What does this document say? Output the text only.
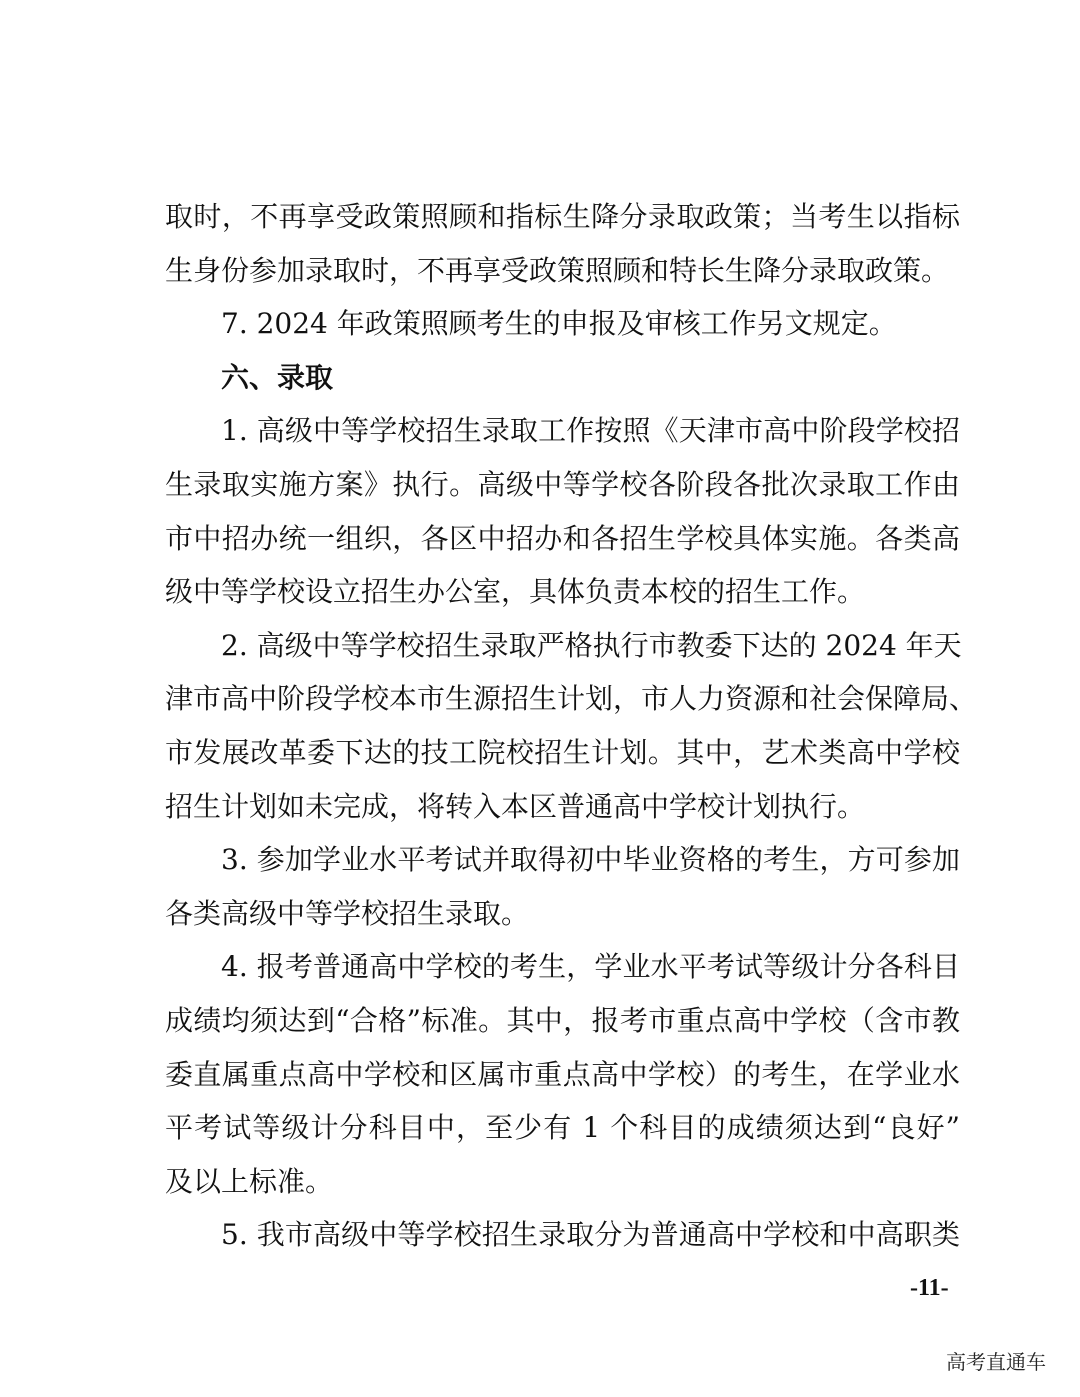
取时，不再享受政策照顾和指标生降分录取政策；当考生以指标
生身份参加录取时，不再享受政策照顾和特长生降分录取政策。
7. 2024 年政策照顾考生的申报及审核工作另文规定。
六、录取
1. 高级中等学校招生录取工作按照《天津市高中阶段学校招
生录取实施方案》执行。高级中等学校各阶段各批次录取工作由
市中招办统一组织，各区中招办和各招生学校具体实施。各类高
级中等学校设立招生办公室，具体负责本校的招生工作。
2. 高级中等学校招生录取严格执行市教委下达的 2024 年天
津市高中阶段学校本市生源招生计划，市人力资源和社会保障局、
市发展改革委下达的技工院校招生计划。其中，艺术类高中学校
招生计划如未完成，将转入本区普通高中学校计划执行。
3. 参加学业水平考试并取得初中毕业资格的考生，方可参加
各类高级中等学校招生录取。
4. 报考普通高中学校的考生，学业水平考试等级计分各科目
成绩均须达到“合格”标准。其中，报考市重点高中学校（含市教
委直属重点高中学校和区属市重点高中学校）的考生，在学业水
平考试等级计分科目中，至少有 1 个科目的成绩须达到“良好”
及以上标准。
5. 我市高级中等学校招生录取分为普通高中学校和中高职类
-11-
高考直通车
